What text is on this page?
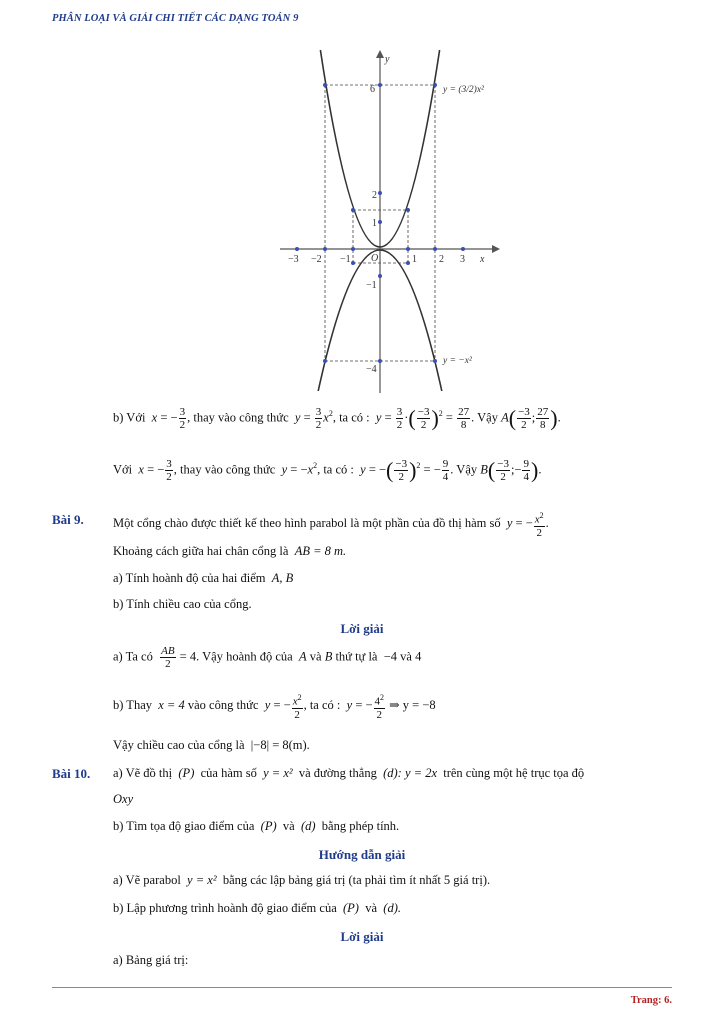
PHÂN LOẠI VÀ GIẢI CHI TIẾT CÁC DẠNG TOÁN 9
y
x
O
−3 −2 −1	1 2 3
6
2
1
−1
−4
y = (3/2)x²
y = −x²
b) Với x = − $\frac{3}{2}$ , thay vào công thức $y = \frac{3}{2} x^2$, ta có : $y = \frac{3}{2}$ ·( $\frac{-3}{2} )^2 = \frac{27}{8}$ . Vậy $A( \frac{-3}{2}$ ; $\frac{27}{8}$ ).
Với x = − $\frac{3}{2}$ , thay vào công thức $y = -x^2$, ta có : y = −( $\frac{-3}{2} )^2$ = − $\frac{9}{4}$ . Vậy $B( \frac{-3}{2}$ ;− $\frac{9}{4}$ ).
Bài 9. Một cổng chào được thiết kế theo hình parabol là một phần của đồ thị hàm số y = − $\frac{x^2}{2}$ .
Khoảng cách giữa hai chân cổng là AB = 8 m.
a) Tính hoành độ của hai điểm A, B
b) Tính chiều cao của cổng.
Lời giải
a) Ta có $\frac{AB}{2} = 4$. Vậy hoành độ của A và B thứ tự là −4 và 4
b) Thay x = 4 vào công thức y = − $\frac{x^2}{2}$ , ta có : y = − $\frac{4^2}{2}$ ⇒ y = −8
Vậy chiều cao của cổng là |−8| = 8(m).
Bài 10. a) Vẽ đồ thị (P) của hàm số y = x² và đường thẳng (d): y = 2x trên cùng một hệ trục tọa độ
Oxy
b) Tìm tọa độ giao điểm của (P) và (d) bằng phép tính.
Hướng dẫn giải
a) Vẽ parabol y = x² bằng các lập bảng giá trị (ta phải tìm ít nhất 5 giá trị).
b) Lập phương trình hoành độ giao điểm của (P) và (d).
Lời giải
a) Bảng giá trị:
Trang: 6.
